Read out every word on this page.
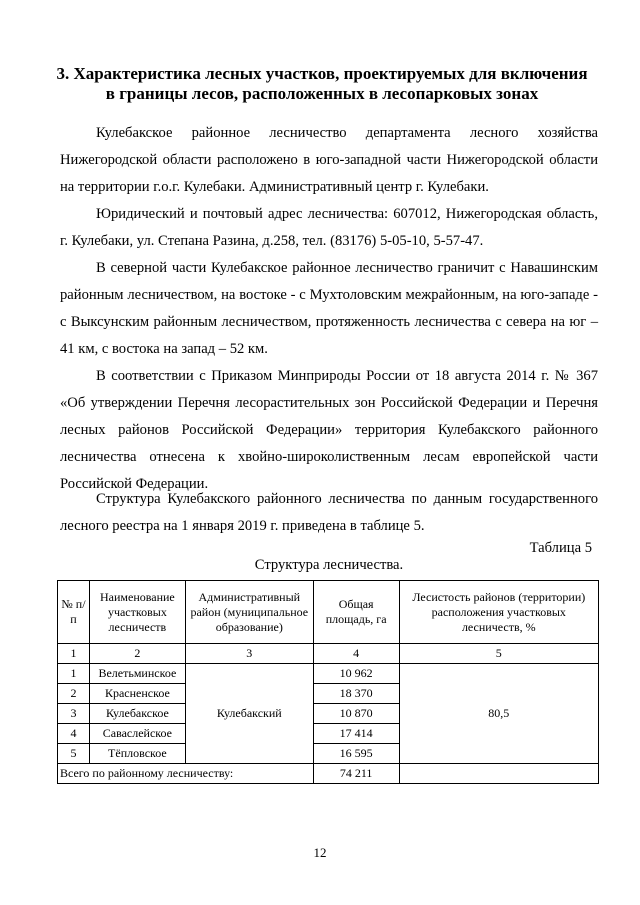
3. Характеристика лесных участков, проектируемых для включения
в границы лесов, расположенных в лесопарковых зонах

Кулебакское районное лесничество департамента лесного хозяйства Нижегородской области расположено в юго-западной части Нижегородской области на территории г.о.г. Кулебаки. Административный центр г. Кулебаки.

Юридический и почтовый адрес лесничества: 607012, Нижегородская область, г. Кулебаки, ул. Степана Разина, д.258, тел. (83176) 5-05-10, 5-57-47.

В северной части Кулебакское районное лесничество граничит с Навашинским районным лесничеством, на востоке - с Мухтоловским межрайонным, на юго-западе - с Выксунским районным лесничеством, протяженность лесничества с севера на юг – 41 км, с востока на запад – 52 км.

В соответствии с Приказом Минприроды России от 18 августа 2014 г. № 367 «Об утверждении Перечня лесорастительных зон Российской Федерации и Перечня лесных районов Российской Федерации» территория Кулебакского районного лесничества отнесена к хвойно-широколиственным лесам европейской части Российской Федерации.

Структура Кулебакского районного лесничества по данным государственного лесного реестра на 1 января 2019 г. приведена в таблице 5.

Таблица 5
Структура лесничества.
№ п/п	Наименование участковых лесничеств	Административный район (муниципальное образование)	Общая площадь, га	Лесистость районов (территории) расположения участковых лесничеств, %
1	2	3	4	5
1	Велетьминское	Кулебакский	10 962	80,5
2	Красненское		18 370	
3	Кулебакское		10 870	
4	Саваслейское		17 414	
5	Тёпловское		16 595	
Всего по районному лесничеству:			74 211	
12
